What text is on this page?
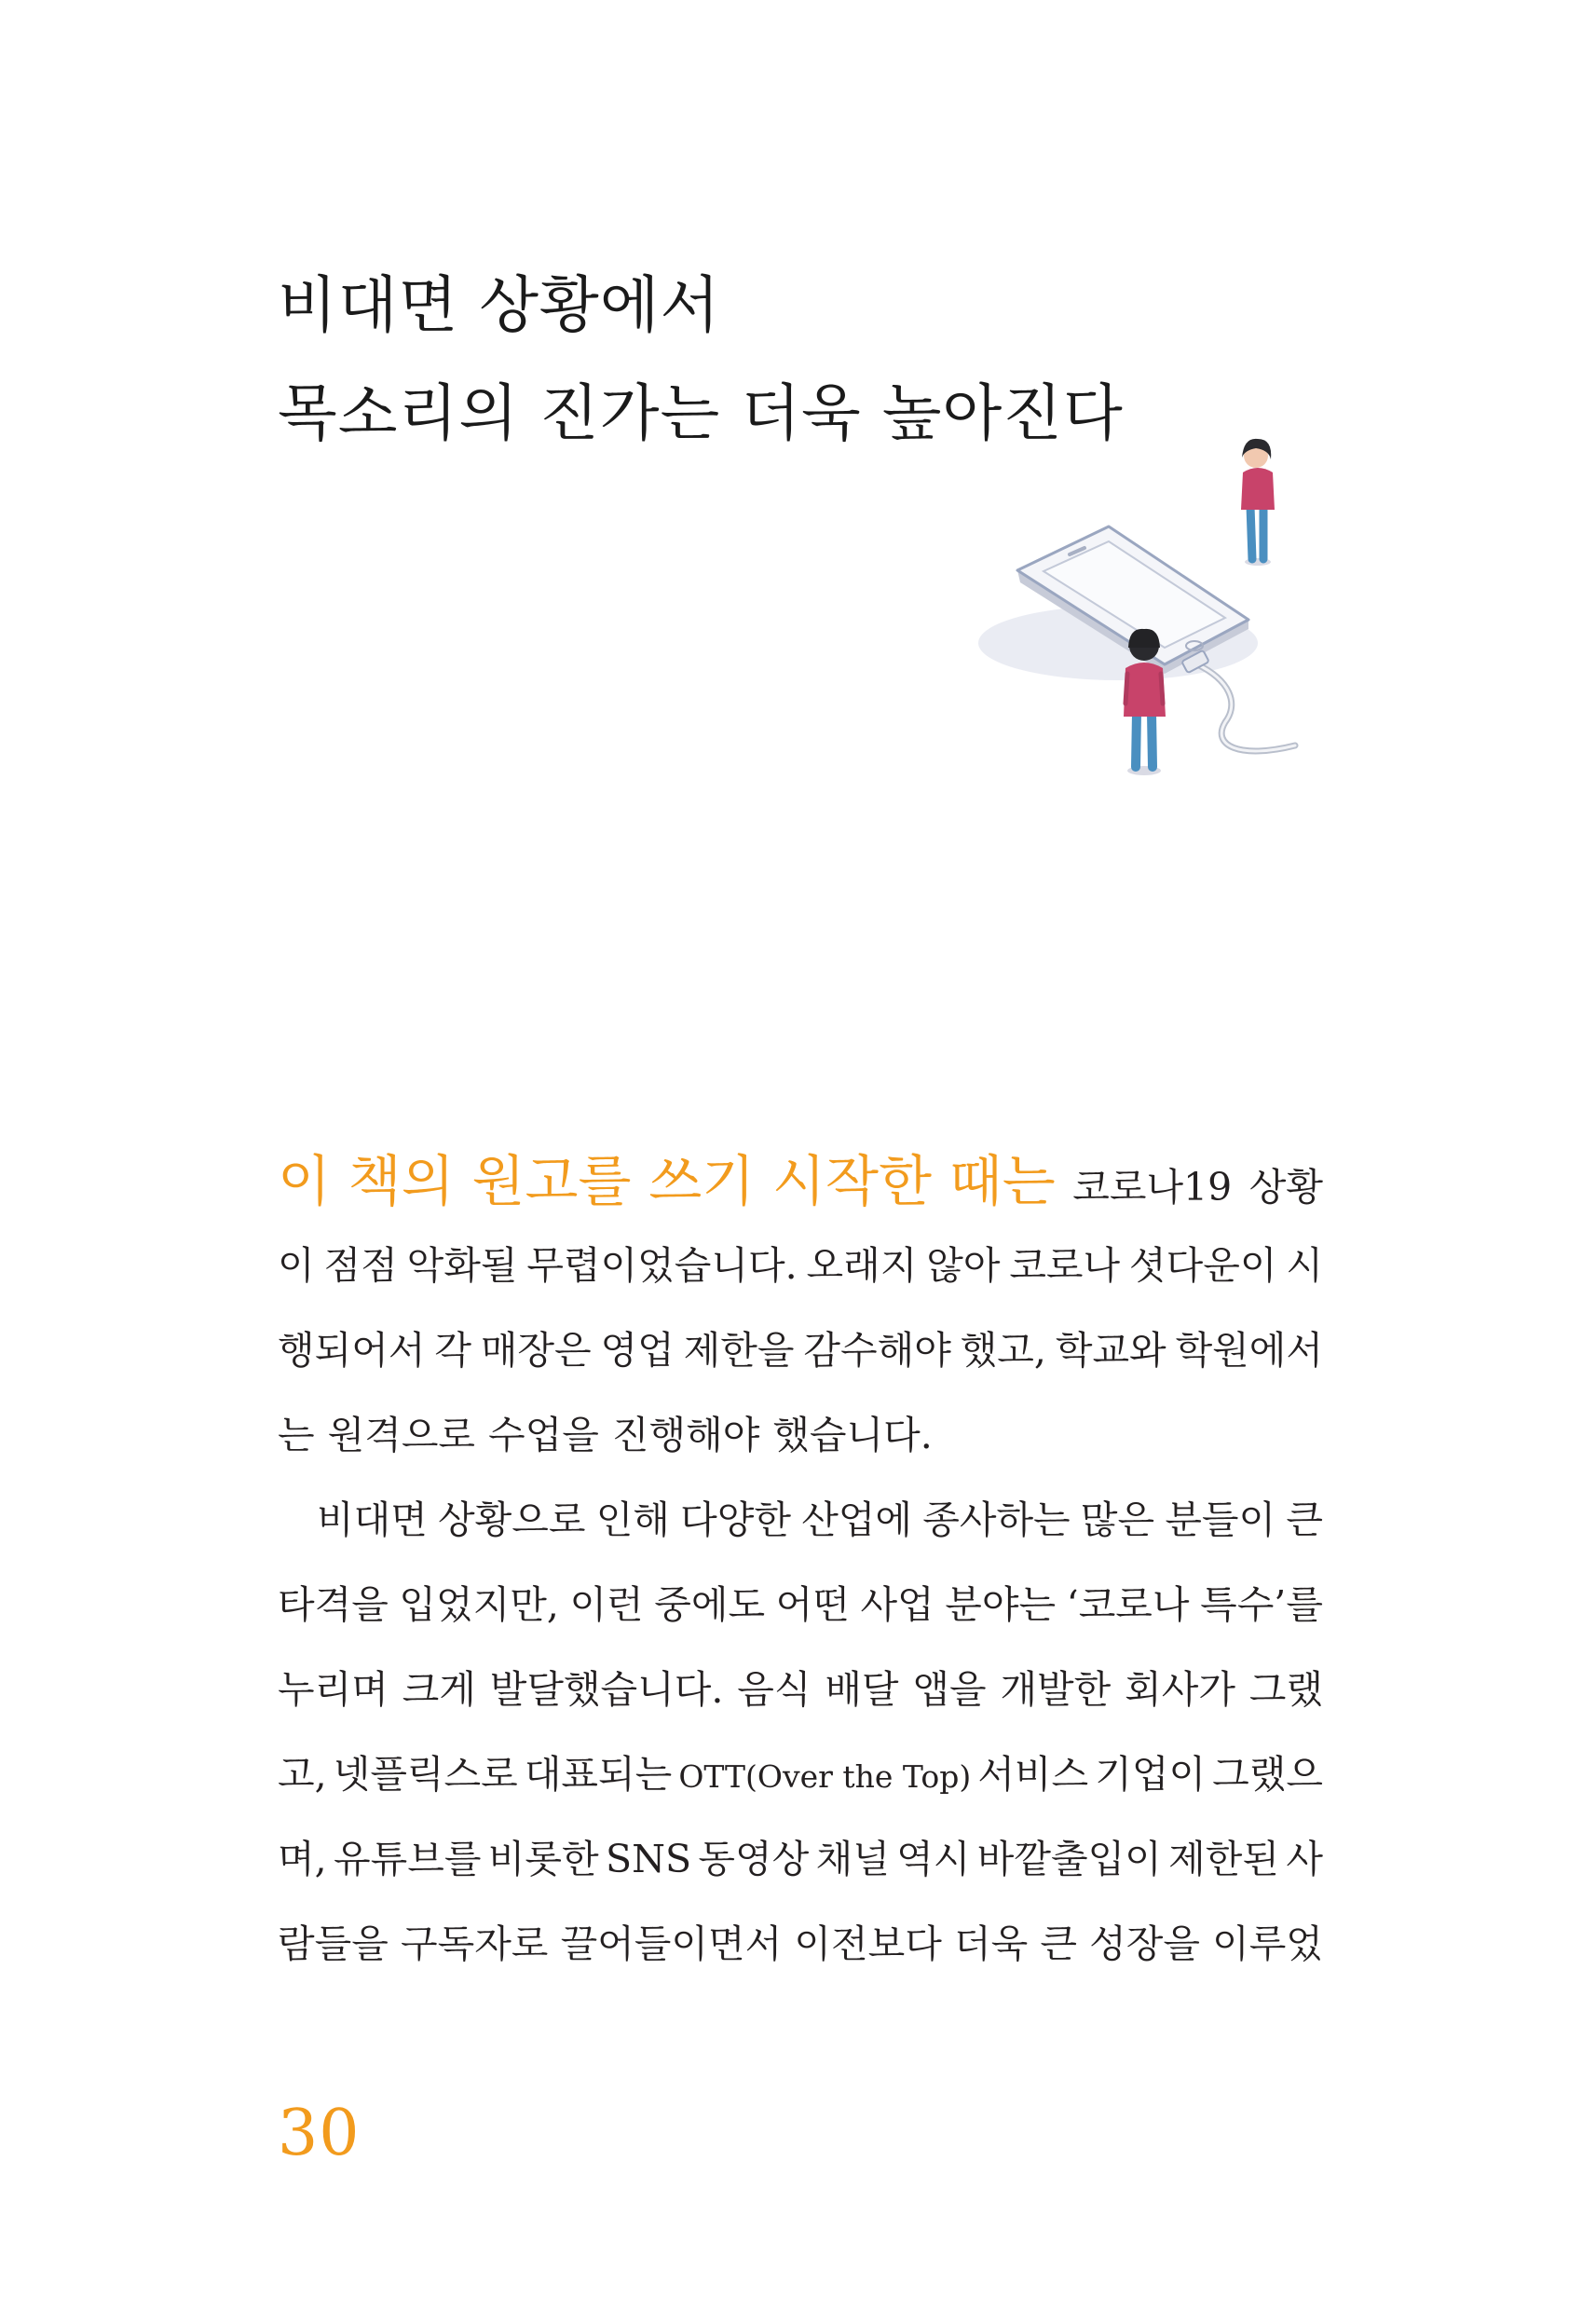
비대면 상황에서
목소리의 진가는 더욱 높아진다
이 책의 원고를 쓰기 시작한 때는 코로나19 상황
이 점점 악화될 무렵이었습니다. 오래지 않아 코로나 셧다운이 시
행되어서 각 매장은 영업 제한을 감수해야 했고, 학교와 학원에서
는 원격으로 수업을 진행해야 했습니다.
비대면 상황으로 인해 다양한 산업에 종사하는 많은 분들이 큰
타격을 입었지만, 이런 중에도 어떤 사업 분야는 ‘코로나 특수’를
누리며 크게 발달했습니다. 음식 배달 앱을 개발한 회사가 그랬
고, 넷플릭스로 대표되는 OTT(Over the Top) 서비스 기업이 그랬으
며, 유튜브를 비롯한 SNS 동영상 채널 역시 바깥출입이 제한된 사
람들을 구독자로 끌어들이면서 이전보다 더욱 큰 성장을 이루었
30
